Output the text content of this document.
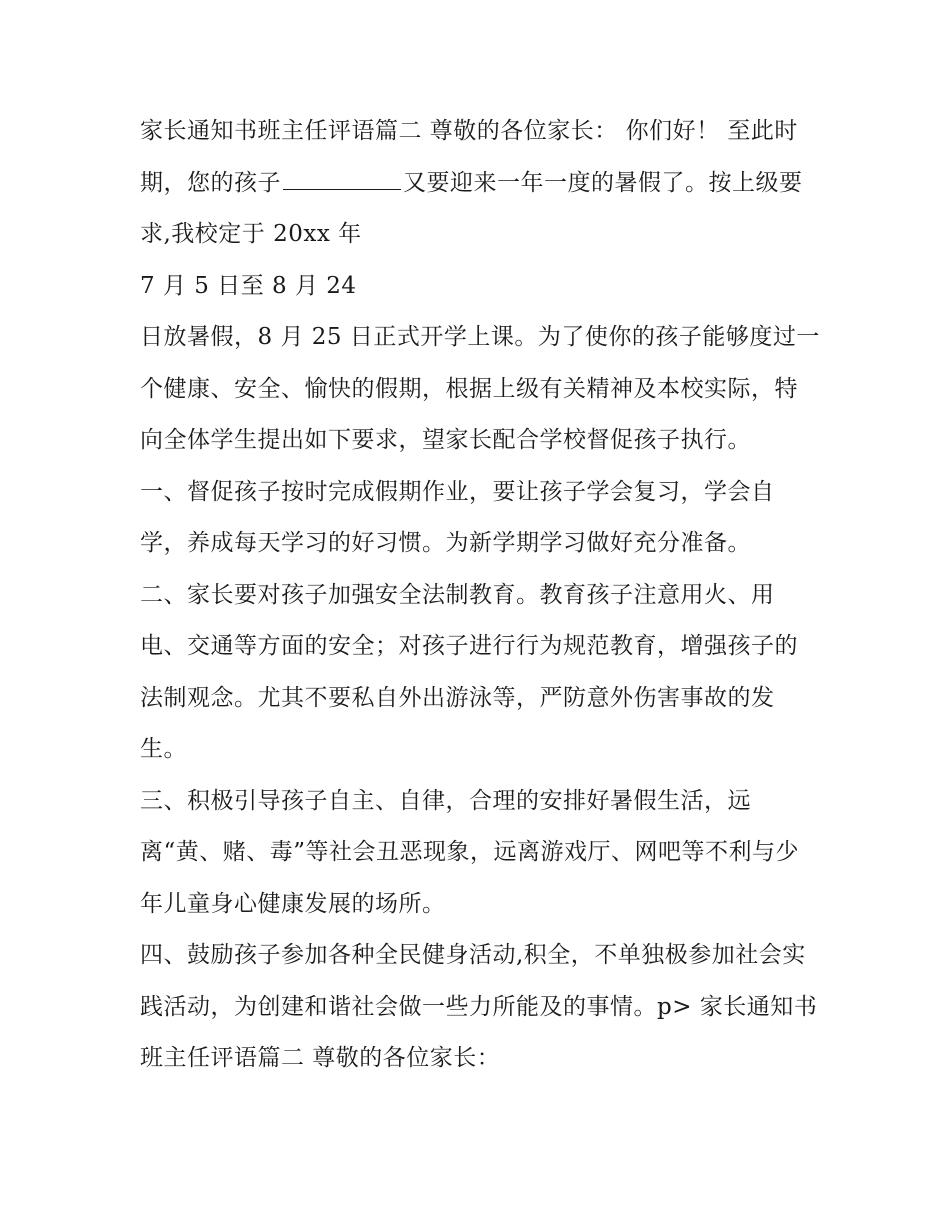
家长通知书班主任评语篇二 尊敬的各位家长： 你们好！ 至此时期，您的孩子	又要迎来一年一度的暑假了。按上级要求,我校定于 20xx 年

7 月 5 日至 8 月 24

日放暑假，8 月 25 日正式开学上课。为了使你的孩子能够度过一个健康、安全、愉快的假期，根据上级有关精神及本校实际，特向全体学生提出如下要求，望家长配合学校督促孩子执行。

一、督促孩子按时完成假期作业，要让孩子学会复习，学会自学，养成每天学习的好习惯。为新学期学习做好充分准备。

二、家长要对孩子加强安全法制教育。教育孩子注意用火、用电、交通等方面的安全；对孩子进行行为规范教育，增强孩子的法制观念。尤其不要私自外出游泳等，严防意外伤害事故的发生。

三、积极引导孩子自主、自律，合理的安排好暑假生活，远离“黄、赌、毒”等社会丑恶现象，远离游戏厅、网吧等不利与少年儿童身心健康发展的场所。

四、鼓励孩子参加各种全民健身活动,积全，不单独极参加社会实践活动，为创建和谐社会做一些力所能及的事情。p> 家长通知书班主任评语篇二 尊敬的各位家长：
